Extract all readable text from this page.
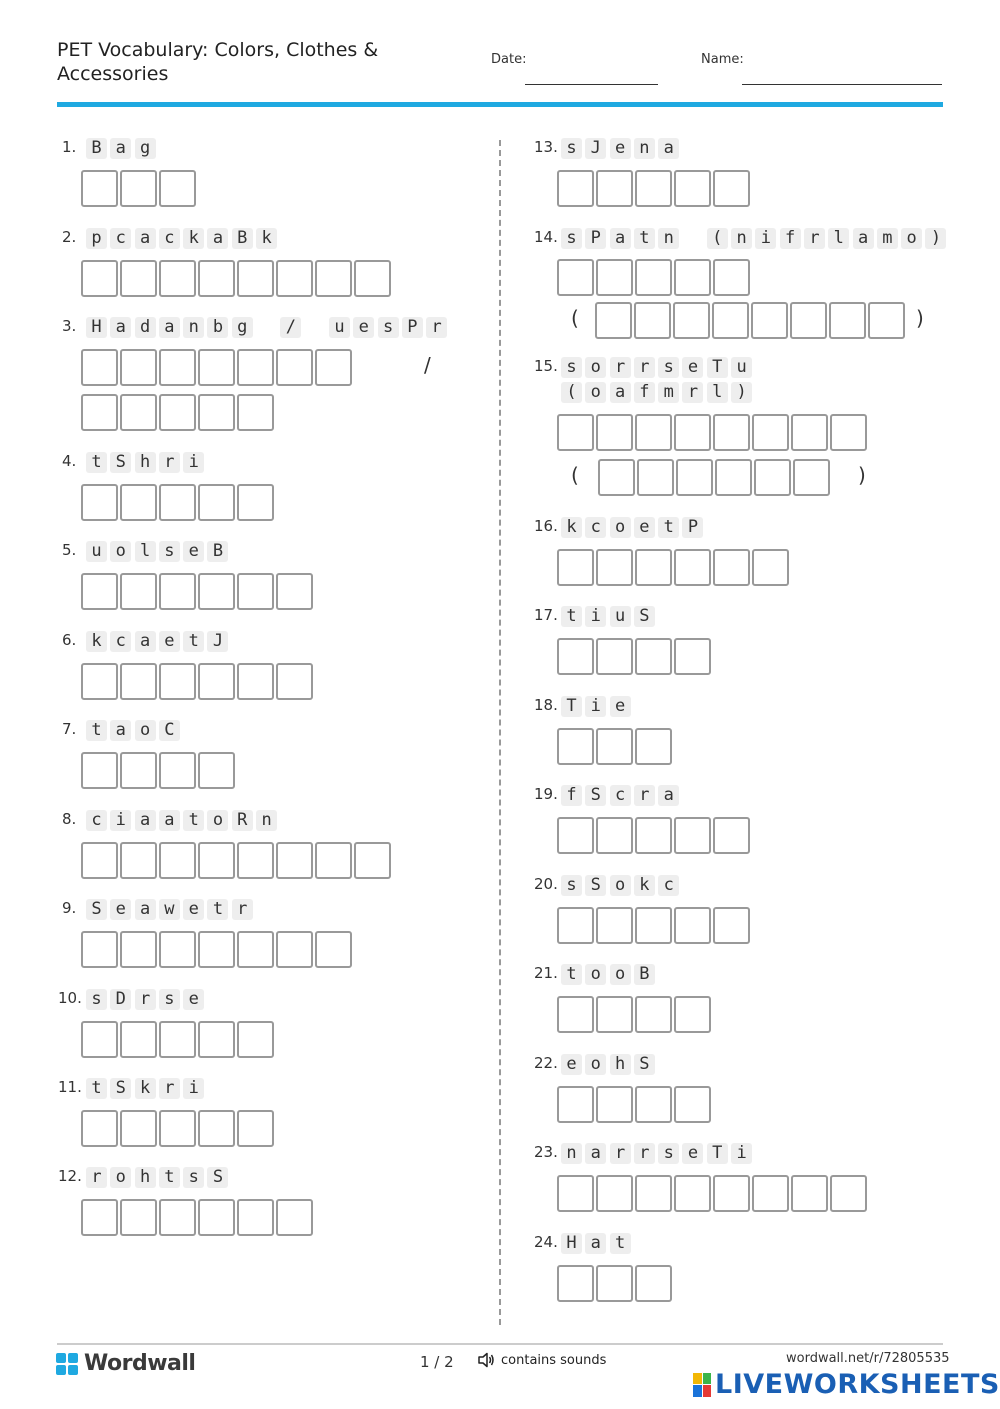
PET Vocabulary: Colors, Clothes & Accessories
Date:	Name:
1. B a g
2. p c a c k a B k
3. H a d a n b g	/	u e s P r
/
4. t S h r i
5. u o l s e B
6. k c a e t J
7. t a o C
8. c i a a t o R n
9. S e a w e t r
10. s D r s e
11. t S k r i
12. r o h t s S
13. s J e n a
14. s P a t n	( n i f r l a m o )
(	)
15. s o r r s e T u
( o a f m r l )
(	)
16. k c o e t P
17. t i u S
18. T i e
19. f S c r a
20. s S o k c
21. t o o B
22. e o h S
23. n a r r s e T i
24. H a t
Wordwall	1 / 2	contains sounds	wordwall.net/r/72805535
LIVEWORKSHEETS
